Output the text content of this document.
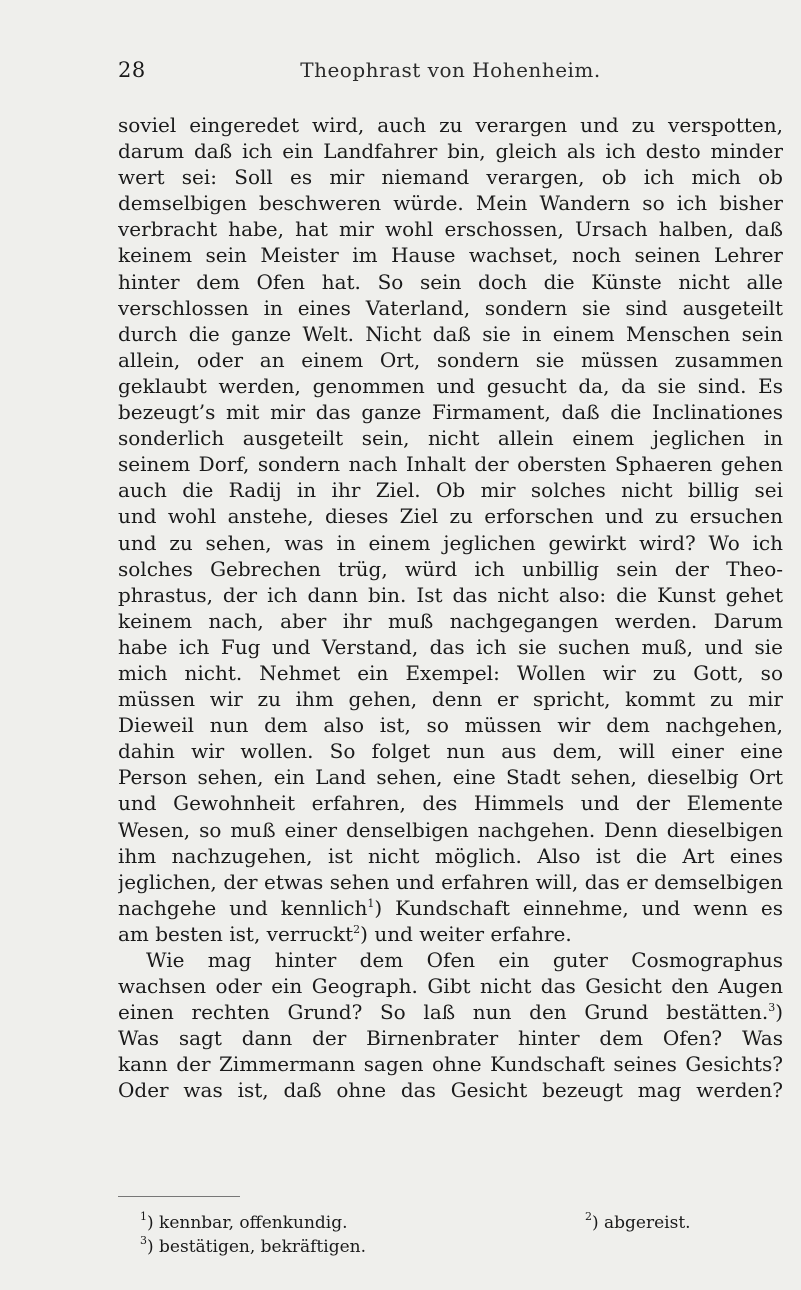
28	Theophrast von Hohenheim.
soviel eingeredet wird, auch zu verargen und zu verspotten,
darum daß ich ein Landfahrer bin, gleich als ich desto minder
wert sei: Soll es mir niemand verargen, ob ich mich ob
demselbigen beschweren würde. Mein Wandern so ich bisher
verbracht habe, hat mir wohl erschossen, Ursach halben, daß
keinem sein Meister im Hause wachset, noch seinen Lehrer
hinter dem Ofen hat. So sein doch die Künste nicht alle
verschlossen in eines Vaterland, sondern sie sind ausgeteilt
durch die ganze Welt. Nicht daß sie in einem Menschen sein
allein, oder an einem Ort, sondern sie müssen zusammen
geklaubt werden, genommen und gesucht da, da sie sind. Es
bezeugt’s mit mir das ganze Firmament, daß die Inclinationes
sonderlich ausgeteilt sein, nicht allein einem jeglichen in
seinem Dorf, sondern nach Inhalt der obersten Sphaeren gehen
auch die Radij in ihr Ziel. Ob mir solches nicht billig sei
und wohl anstehe, dieses Ziel zu erforschen und zu ersuchen
und zu sehen, was in einem jeglichen gewirkt wird? Wo ich
solches Gebrechen trüg, würd ich unbillig sein der Theo-
phrastus, der ich dann bin. Ist das nicht also: die Kunst gehet
keinem nach, aber ihr muß nachgegangen werden. Darum
habe ich Fug und Verstand, das ich sie suchen muß, und sie
mich nicht. Nehmet ein Exempel: Wollen wir zu Gott, so
müssen wir zu ihm gehen, denn er spricht, kommt zu mir
Dieweil nun dem also ist, so müssen wir dem nachgehen,
dahin wir wollen. So folget nun aus dem, will einer eine
Person sehen, ein Land sehen, eine Stadt sehen, dieselbig Ort
und Gewohnheit erfahren, des Himmels und der Elemente
Wesen, so muß einer denselbigen nachgehen. Denn dieselbigen
ihm nachzugehen, ist nicht möglich. Also ist die Art eines
jeglichen, der etwas sehen und erfahren will, das er demselbigen
nachgehe und kennlich$^1$) Kundschaft einnehme, und wenn es
am besten ist, verruckt$^2$) und weiter erfahre.
Wie mag hinter dem Ofen ein guter Cosmographus
wachsen oder ein Geograph. Gibt nicht das Gesicht den Augen
einen rechten Grund? So laß nun den Grund bestätten.$^3$)
Was sagt dann der Birnenbrater hinter dem Ofen? Was
kann der Zimmermann sagen ohne Kundschaft seines Gesichts?
Oder was ist, daß ohne das Gesicht bezeugt mag werden?
$^1$) kennbar, offenkundig.	$^2$) abgereist.
$^3$) bestätigen, bekräftigen.
